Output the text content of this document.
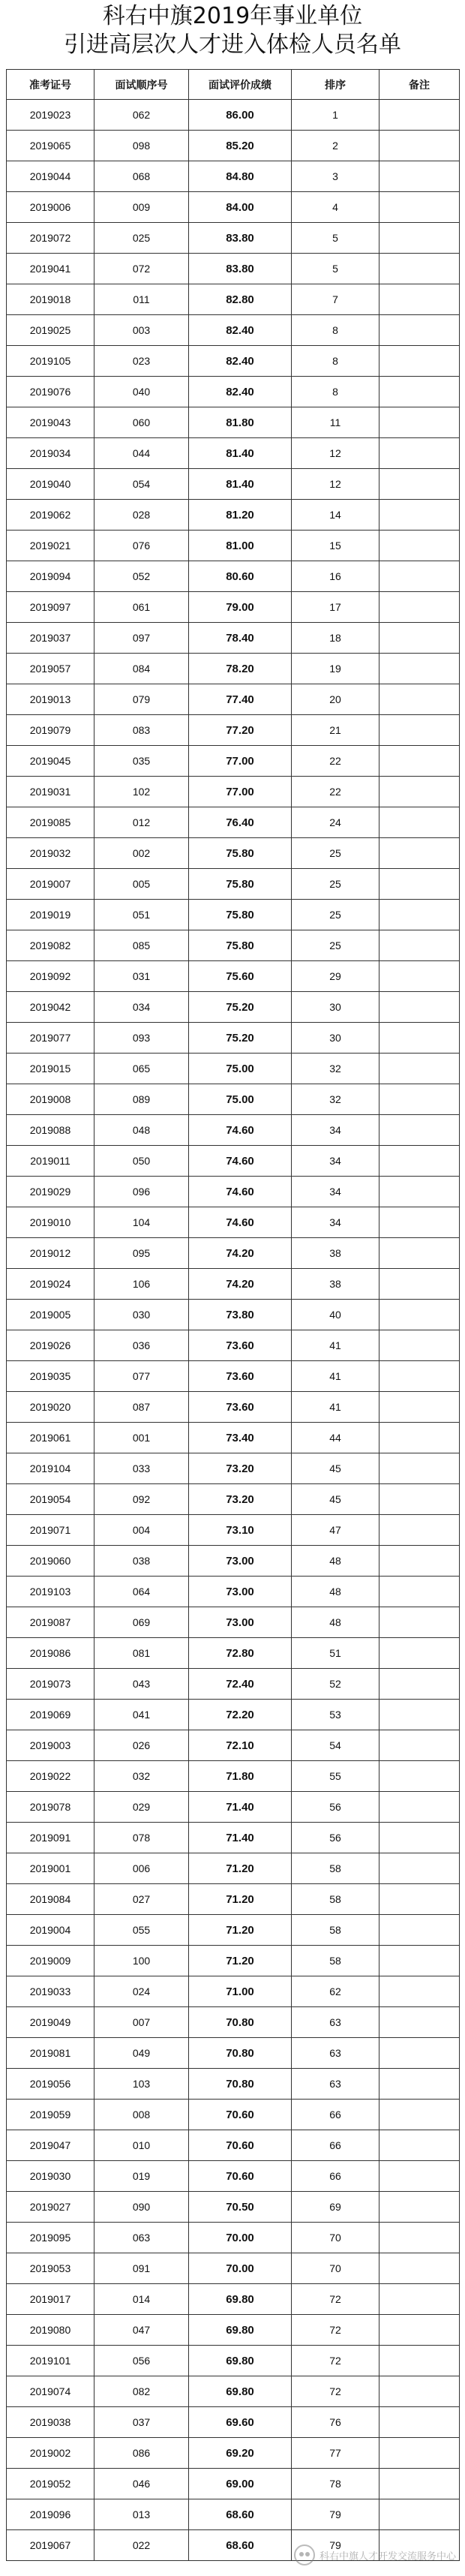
科右中旗2019年事业单位
引进高层次人才进入体检人员名单
准考证号	面试顺序号	面试评价成绩	排序	备注
2019023	062	86.00	1	
2019065	098	85.20	2	
2019044	068	84.80	3	
2019006	009	84.00	4	
2019072	025	83.80	5	
2019041	072	83.80	5	
2019018	011	82.80	7	
2019025	003	82.40	8	
2019105	023	82.40	8	
2019076	040	82.40	8	
2019043	060	81.80	11	
2019034	044	81.40	12	
2019040	054	81.40	12	
2019062	028	81.20	14	
2019021	076	81.00	15	
2019094	052	80.60	16	
2019097	061	79.00	17	
2019037	097	78.40	18	
2019057	084	78.20	19	
2019013	079	77.40	20	
2019079	083	77.20	21	
2019045	035	77.00	22	
2019031	102	77.00	22	
2019085	012	76.40	24	
2019032	002	75.80	25	
2019007	005	75.80	25	
2019019	051	75.80	25	
2019082	085	75.80	25	
2019092	031	75.60	29	
2019042	034	75.20	30	
2019077	093	75.20	30	
2019015	065	75.00	32	
2019008	089	75.00	32	
2019088	048	74.60	34	
2019011	050	74.60	34	
2019029	096	74.60	34	
2019010	104	74.60	34	
2019012	095	74.20	38	
2019024	106	74.20	38	
2019005	030	73.80	40	
2019026	036	73.60	41	
2019035	077	73.60	41	
2019020	087	73.60	41	
2019061	001	73.40	44	
2019104	033	73.20	45	
2019054	092	73.20	45	
2019071	004	73.10	47	
2019060	038	73.00	48	
2019103	064	73.00	48	
2019087	069	73.00	48	
2019086	081	72.80	51	
2019073	043	72.40	52	
2019069	041	72.20	53	
2019003	026	72.10	54	
2019022	032	71.80	55	
2019078	029	71.40	56	
2019091	078	71.40	56	
2019001	006	71.20	58	
2019084	027	71.20	58	
2019004	055	71.20	58	
2019009	100	71.20	58	
2019033	024	71.00	62	
2019049	007	70.80	63	
2019081	049	70.80	63	
2019056	103	70.80	63	
2019059	008	70.60	66	
2019047	010	70.60	66	
2019030	019	70.60	66	
2019027	090	70.50	69	
2019095	063	70.00	70	
2019053	091	70.00	70	
2019017	014	69.80	72	
2019080	047	69.80	72	
2019101	056	69.80	72	
2019074	082	69.80	72	
2019038	037	69.60	76	
2019002	086	69.20	77	
2019052	046	69.00	78	
2019096	013	68.60	79	
2019067	022	68.60	79	
科右中旗人才开发交流服务中心
